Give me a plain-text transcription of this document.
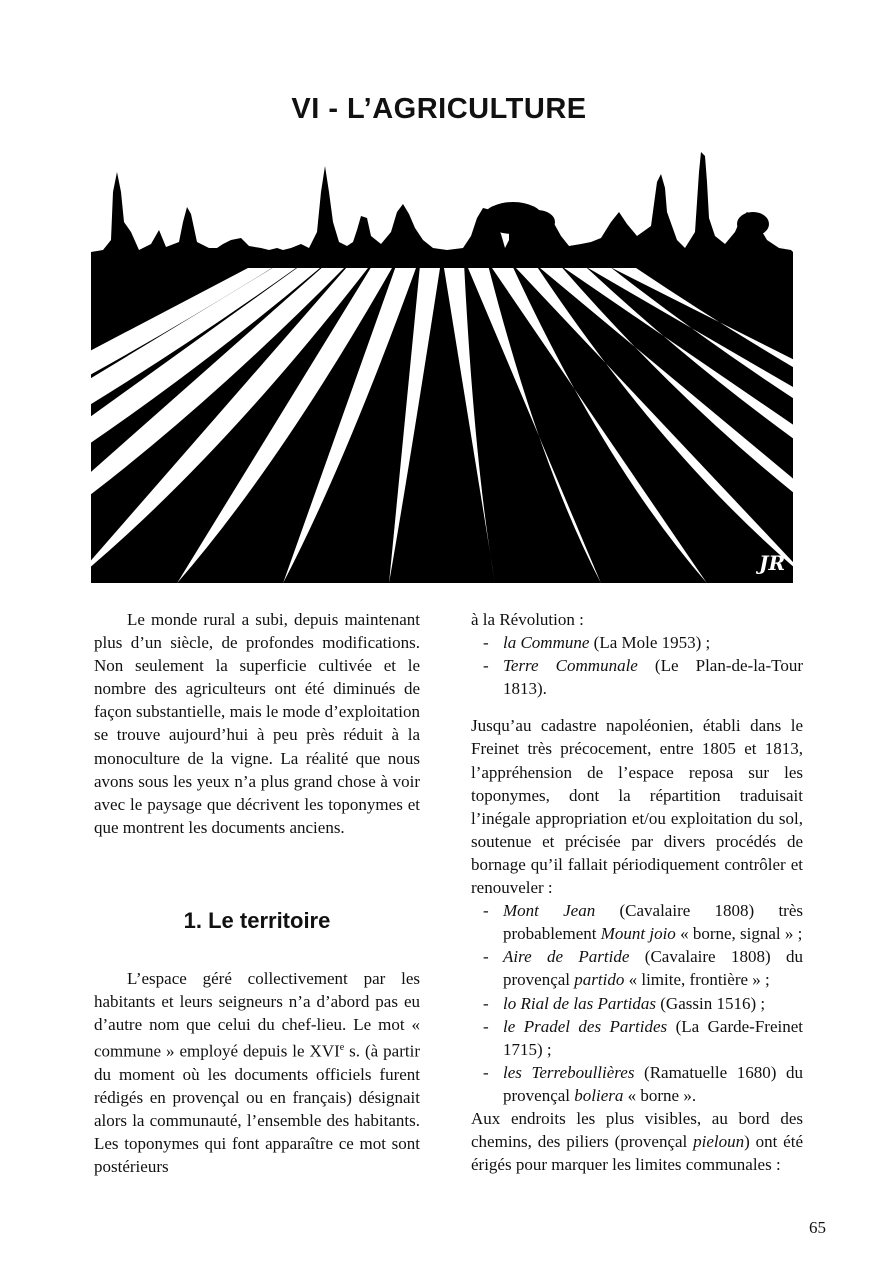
VI - L’AGRICULTURE
JR

Le monde rural a subi, depuis maintenant plus d’un siècle, de profondes modifications. Non seulement la superficie cultivée et le nombre des agriculteurs ont été diminués de façon substantielle, mais le mode d’exploitation se trouve aujourd’hui à peu près réduit à la monoculture de la vigne. La réalité que nous avons sous les yeux n’a plus grand chose à voir avec le paysage que décrivent les toponymes et que montrent les documents anciens.

1. Le territoire

L’espace géré collectivement par les habitants et leurs seigneurs n’a d’abord pas eu d’autre nom que celui du chef-lieu. Le mot « commune » employé depuis le XVIe s. (à partir du moment où les documents officiels furent rédigés en provençal ou en français) désignait alors la communauté, l’ensemble des habitants. Les toponymes qui font apparaître ce mot sont postérieurs

à la Révolution :

- la Commune (La Mole 1953) ;
- Terre Communale (Le Plan-de-la-Tour 1813).

Jusqu’au cadastre napoléonien, établi dans le Freinet très précocement, entre 1805 et 1813, l’appréhension de l’espace reposa sur les toponymes, dont la répartition traduisait l’inégale appropriation et/ou exploitation du sol, soutenue et précisée par divers procédés de bornage qu’il fallait périodiquement contrôler et renouveler :

- Mont Jean (Cavalaire 1808) très probablement Mount joio « borne, signal » ;
- Aire de Partide (Cavalaire 1808) du provençal partido « limite, frontière » ;
- lo Rial de las Partidas (Gassin 1516) ;
- le Pradel des Partides (La Garde-Freinet 1715) ;
- les Terreboullières (Ramatuelle 1680) du provençal boliera « borne ».

Aux endroits les plus visibles, au bord des chemins, des piliers (provençal pieloun) ont été érigés pour marquer les limites communales :

65
